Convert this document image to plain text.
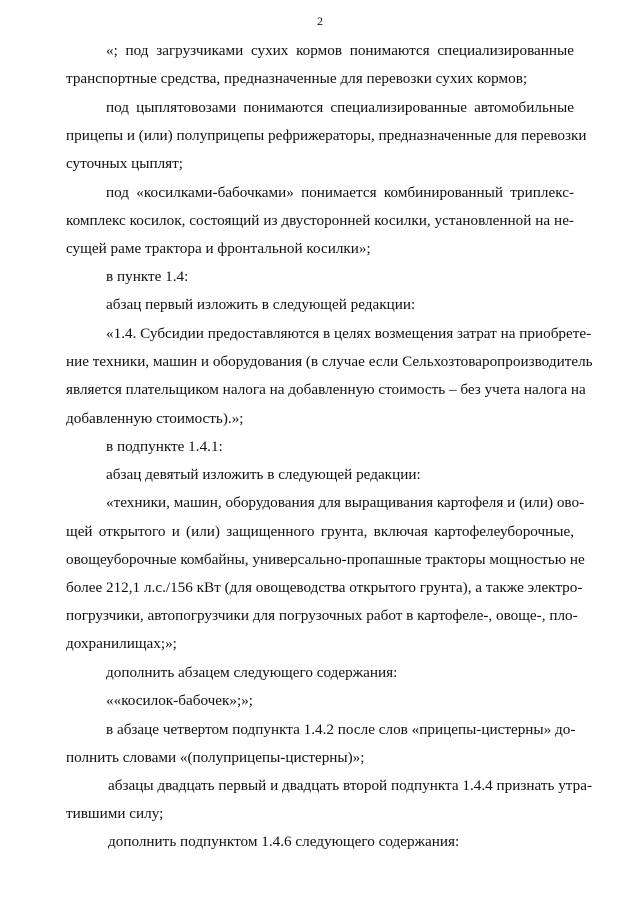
2
«; под загрузчиками сухих кормов понимаются специализированные
транспортные средства, предназначенные для перевозки сухих кормов;
под цыплятовозами понимаются специализированные автомобильные
прицепы и (или) полуприцепы рефрижераторы, предназначенные для перевозки
суточных цыплят;
под «косилками-бабочками» понимается комбинированный триплекс-
комплекс косилок, состоящий из двусторонней косилки, установленной на не-
сущей раме трактора и фронтальной косилки»;
в пункте 1.4:
абзац первый изложить в следующей редакции:
«1.4. Субсидии предоставляются в целях возмещения затрат на приобрете-
ние техники, машин и оборудования (в случае если Сельхозтоваропроизводитель
является плательщиком налога на добавленную стоимость – без учета налога на
добавленную стоимость).»;
в подпункте 1.4.1:
абзац девятый изложить в следующей редакции:
«техники, машин, оборудования для выращивания картофеля и (или) ово-
щей открытого и (или) защищенного грунта, включая картофелеуборочные,
овощеуборочные комбайны, универсально-пропашные тракторы мощностью не
более 212,1 л.с./156 кВт (для овощеводства открытого грунта), а также электро-
погрузчики, автопогрузчики для погрузочных работ в картофеле-, овоще-, пло-
дохранилищах;»;
дополнить абзацем следующего содержания:
««косилок-бабочек»;»;
в абзаце четвертом подпункта 1.4.2 после слов «прицепы-цистерны» до-
полнить словами «(полуприцепы-цистерны)»;
абзацы двадцать первый и двадцать второй подпункта 1.4.4 признать утра-
тившими силу;
дополнить подпунктом 1.4.6 следующего содержания:
